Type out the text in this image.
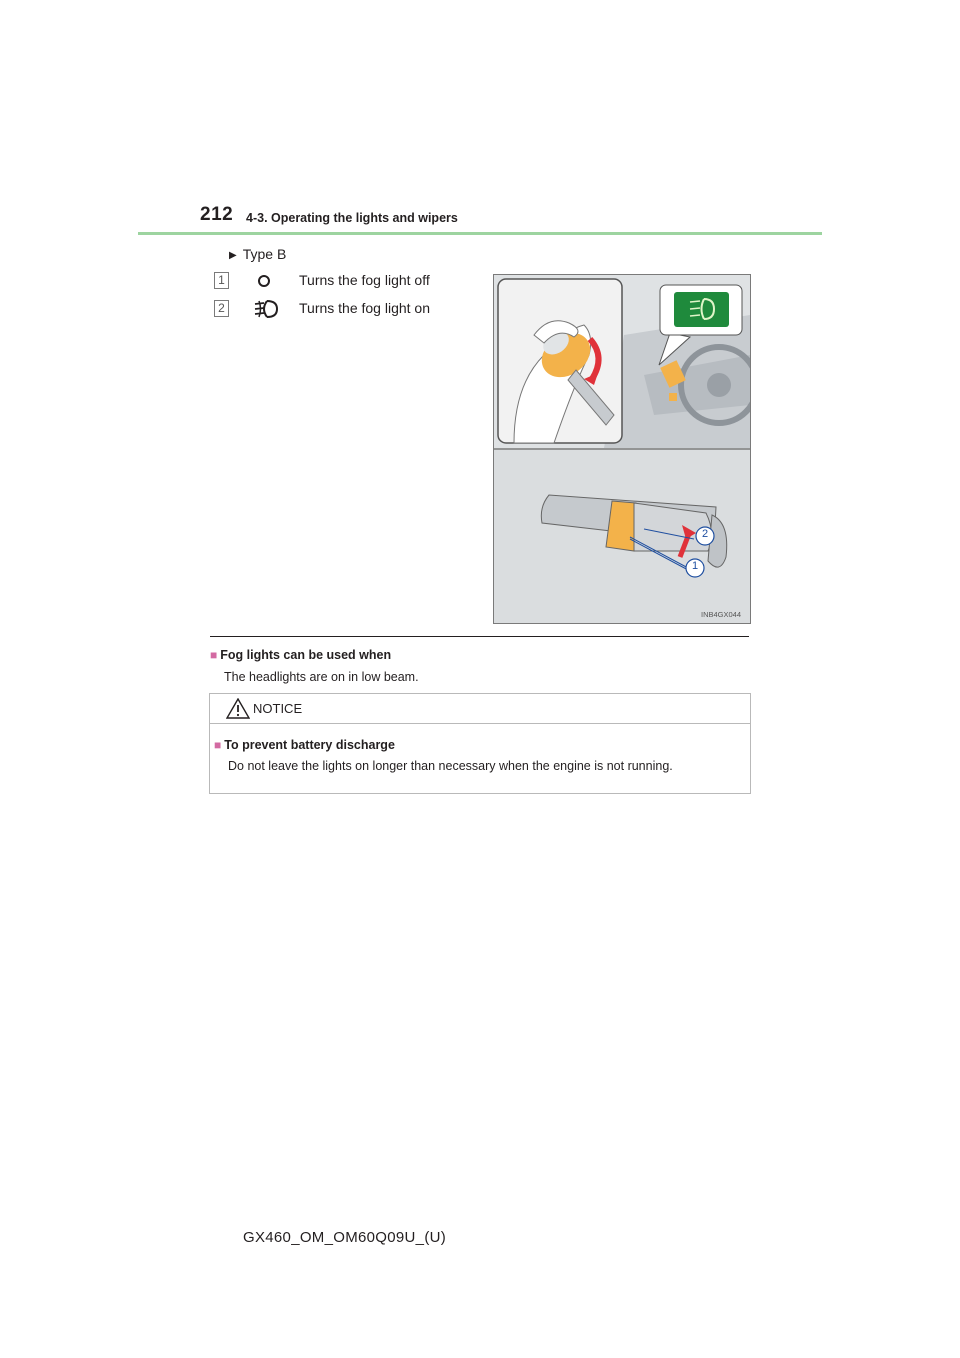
212 4-3. Operating the lights and wipers
▶ Type B
1	Turns the fog light off
2	Turns the fog light on
2
1
INB4GX044
■ Fog lights can be used when
The headlights are on in low beam.
NOTICE
■ To prevent battery discharge
Do not leave the lights on longer than necessary when the engine is not running.
GX460_OM_OM60Q09U_(U)
